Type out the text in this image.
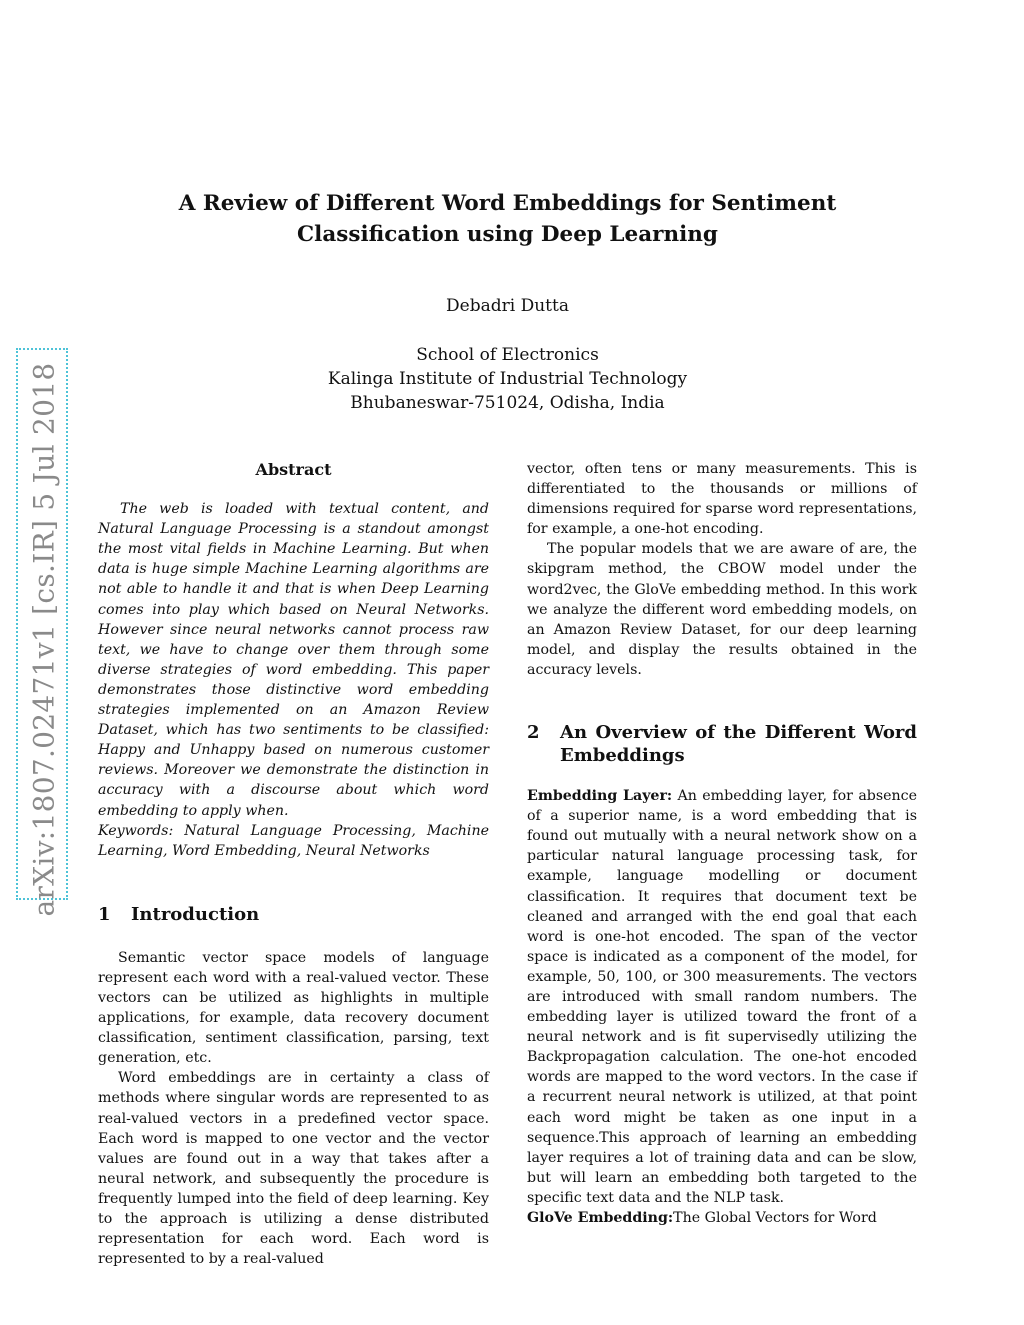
arXiv:1807.02471v1 [cs.IR] 5 Jul 2018
A Review of Different Word Embeddings for Sentiment Classification using Deep Learning
Debadri Dutta
School of Electronics
Kalinga Institute of Industrial Technology
Bhubaneswar-751024, Odisha, India
Abstract

The web is loaded with textual content, and Natural Language Processing is a standout amongst the most vital fields in Machine Learning. But when data is huge simple Machine Learning algorithms are not able to handle it and that is when Deep Learning comes into play which based on Neural Networks. However since neural networks cannot process raw text, we have to change over them through some diverse strategies of word embedding. This paper demonstrates those distinctive word embedding strategies implemented on an Amazon Review Dataset, which has two sentiments to be classified: Happy and Unhappy based on numerous customer reviews. Moreover we demonstrate the distinction in accuracy with a discourse about which word embedding to apply when.

Keywords: Natural Language Processing, Machine Learning, Word Embedding, Neural Networks

1	Introduction

Semantic vector space models of language represent each word with a real-valued vector. These vectors can be utilized as highlights in multiple applications, for example, data recovery document classification, sentiment classification, parsing, text generation, etc.

Word embeddings are in certainty a class of methods where singular words are represented to as real-valued vectors in a predefined vector space. Each word is mapped to one vector and the vector values are found out in a way that takes after a neural network, and subsequently the procedure is frequently lumped into the field of deep learning. Key to the approach is utilizing a dense distributed representation for each word. Each word is represented to by a real-valued

vector, often tens or many measurements. This is differentiated to the thousands or millions of dimensions required for sparse word representations, for example, a one-hot encoding.

The popular models that we are aware of are, the skipgram method, the CBOW model under the word2vec, the GloVe embedding method. In this work we analyze the different word embedding models, on an Amazon Review Dataset, for our deep learning model, and display the results obtained in the accuracy levels.

2	An Overview of the Different Word Embeddings

Embedding Layer: An embedding layer, for absence of a superior name, is a word embedding that is found out mutually with a neural network show on a particular natural language processing task, for example, language modelling or document classification. It requires that document text be cleaned and arranged with the end goal that each word is one-hot encoded. The span of the vector space is indicated as a component of the model, for example, 50, 100, or 300 measurements. The vectors are introduced with small random numbers. The embedding layer is utilized toward the front of a neural network and is fit supervisedly utilizing the Backpropagation calculation. The one-hot encoded words are mapped to the word vectors. In the case if a recurrent neural network is utilized, at that point each word might be taken as one input in a sequence.This approach of learning an embedding layer requires a lot of training data and can be slow, but will learn an embedding both targeted to the specific text data and the NLP task.

GloVe Embedding:The Global Vectors for Word
